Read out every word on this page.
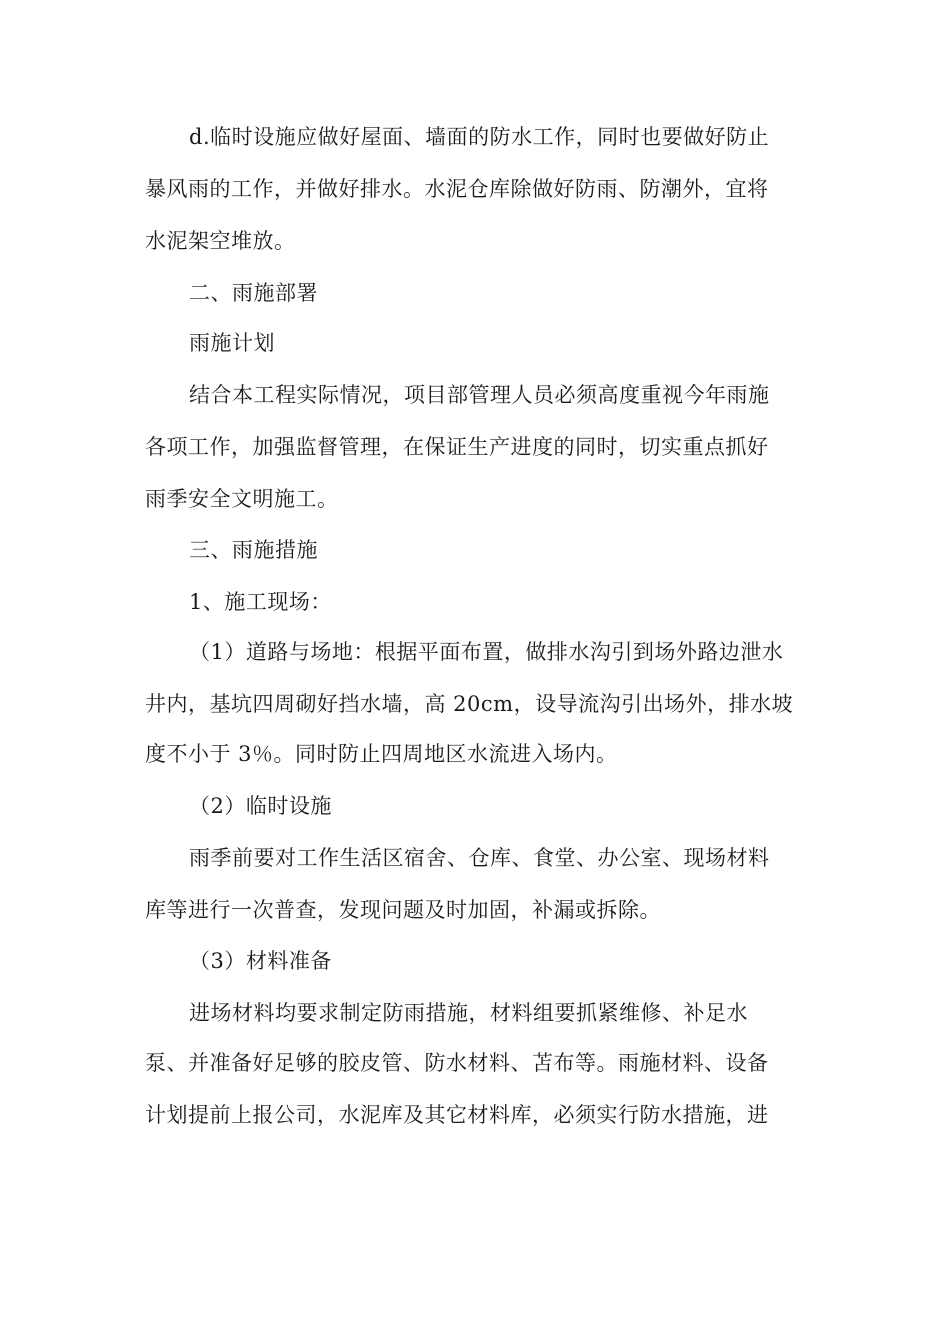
d.临时设施应做好屋面、墙面的防水工作，同时也要做好防止

暴风雨的工作，并做好排水。水泥仓库除做好防雨、防潮外，宜将

水泥架空堆放。

二、雨施部署

雨施计划

结合本工程实际情况，项目部管理人员必须高度重视今年雨施

各项工作，加强监督管理，在保证生产进度的同时，切实重点抓好

雨季安全文明施工。

三、雨施措施

1、施工现场：

（1）道路与场地：根据平面布置，做排水沟引到场外路边泄水

井内，基坑四周砌好挡水墙，高 20cm，设导流沟引出场外，排水坡

度不小于 3％。同时防止四周地区水流进入场内。

（2）临时设施

雨季前要对工作生活区宿舍、仓库、食堂、办公室、现场材料

库等进行一次普查，发现问题及时加固，补漏或拆除。

（3）材料准备

进场材料均要求制定防雨措施，材料组要抓紧维修、补足水

泵、并准备好足够的胶皮管、防水材料、苫布等。雨施材料、设备

计划提前上报公司，水泥库及其它材料库，必须实行防水措施，进
